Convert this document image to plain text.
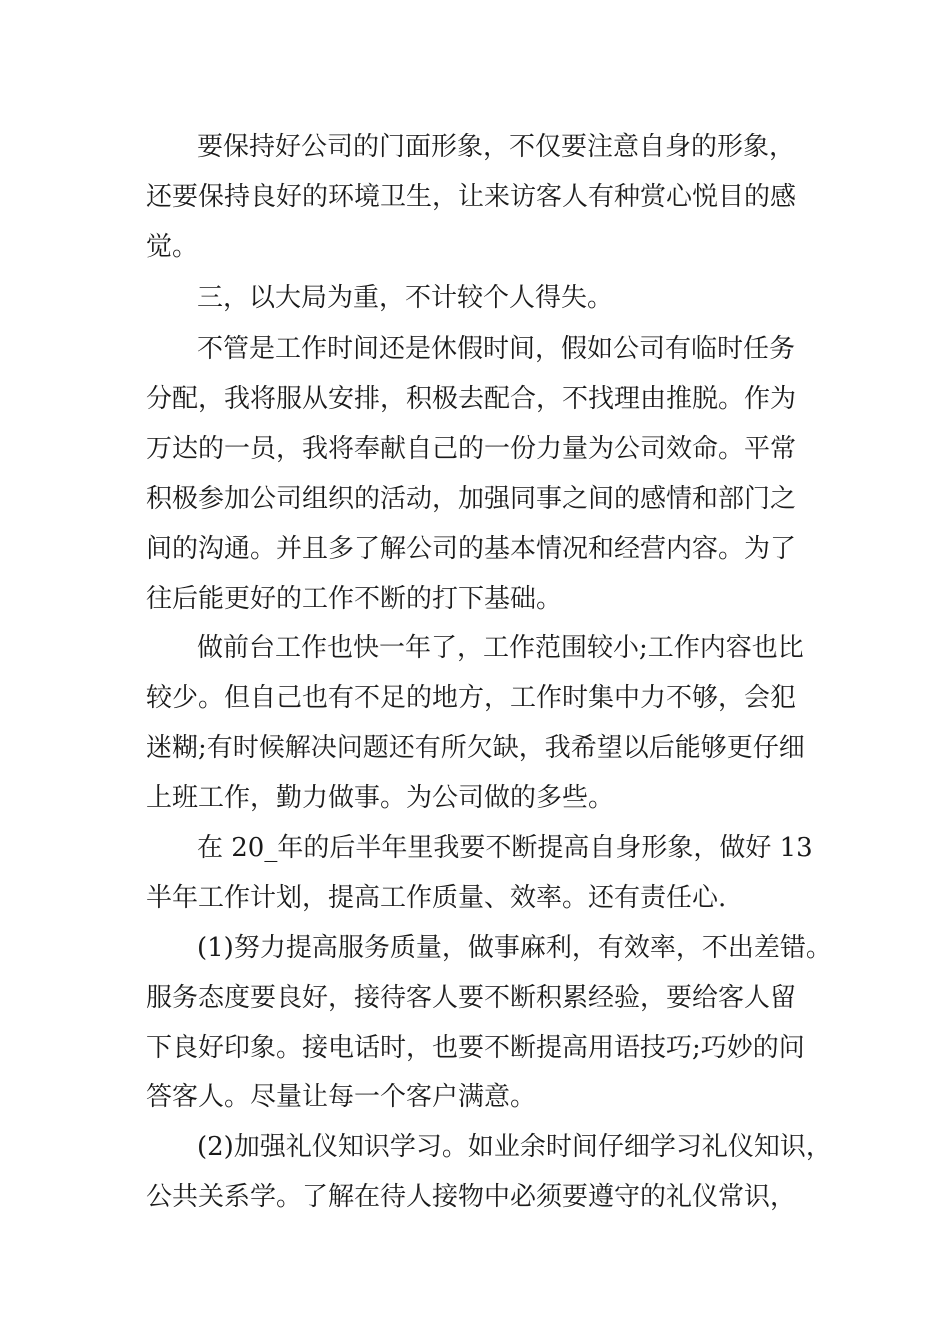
要保持好公司的门面形象，不仅要注意自身的形象，
还要保持良好的环境卫生，让来访客人有种赏心悦目的感
觉。
三，以大局为重，不计较个人得失。
不管是工作时间还是休假时间，假如公司有临时任务
分配，我将服从安排，积极去配合，不找理由推脱。作为
万达的一员，我将奉献自己的一份力量为公司效命。平常
积极参加公司组织的活动，加强同事之间的感情和部门之
间的沟通。并且多了解公司的基本情况和经营内容。为了
往后能更好的工作不断的打下基础。
做前台工作也快一年了，工作范围较小;工作内容也比
较少。但自己也有不足的地方，工作时集中力不够，会犯
迷糊;有时候解决问题还有所欠缺，我希望以后能够更仔细
上班工作，勤力做事。为公司做的多些。
在 20_年的后半年里我要不断提高自身形象，做好 13
半年工作计划，提高工作质量、效率。还有责任心.
(1)努力提高服务质量，做事麻利，有效率，不出差错。
服务态度要良好，接待客人要不断积累经验，要给客人留
下良好印象。接电话时，也要不断提高用语技巧;巧妙的问
答客人。尽量让每一个客户满意。
(2)加强礼仪知识学习。如业余时间仔细学习礼仪知识，
公共关系学。了解在待人接物中必须要遵守的礼仪常识，
